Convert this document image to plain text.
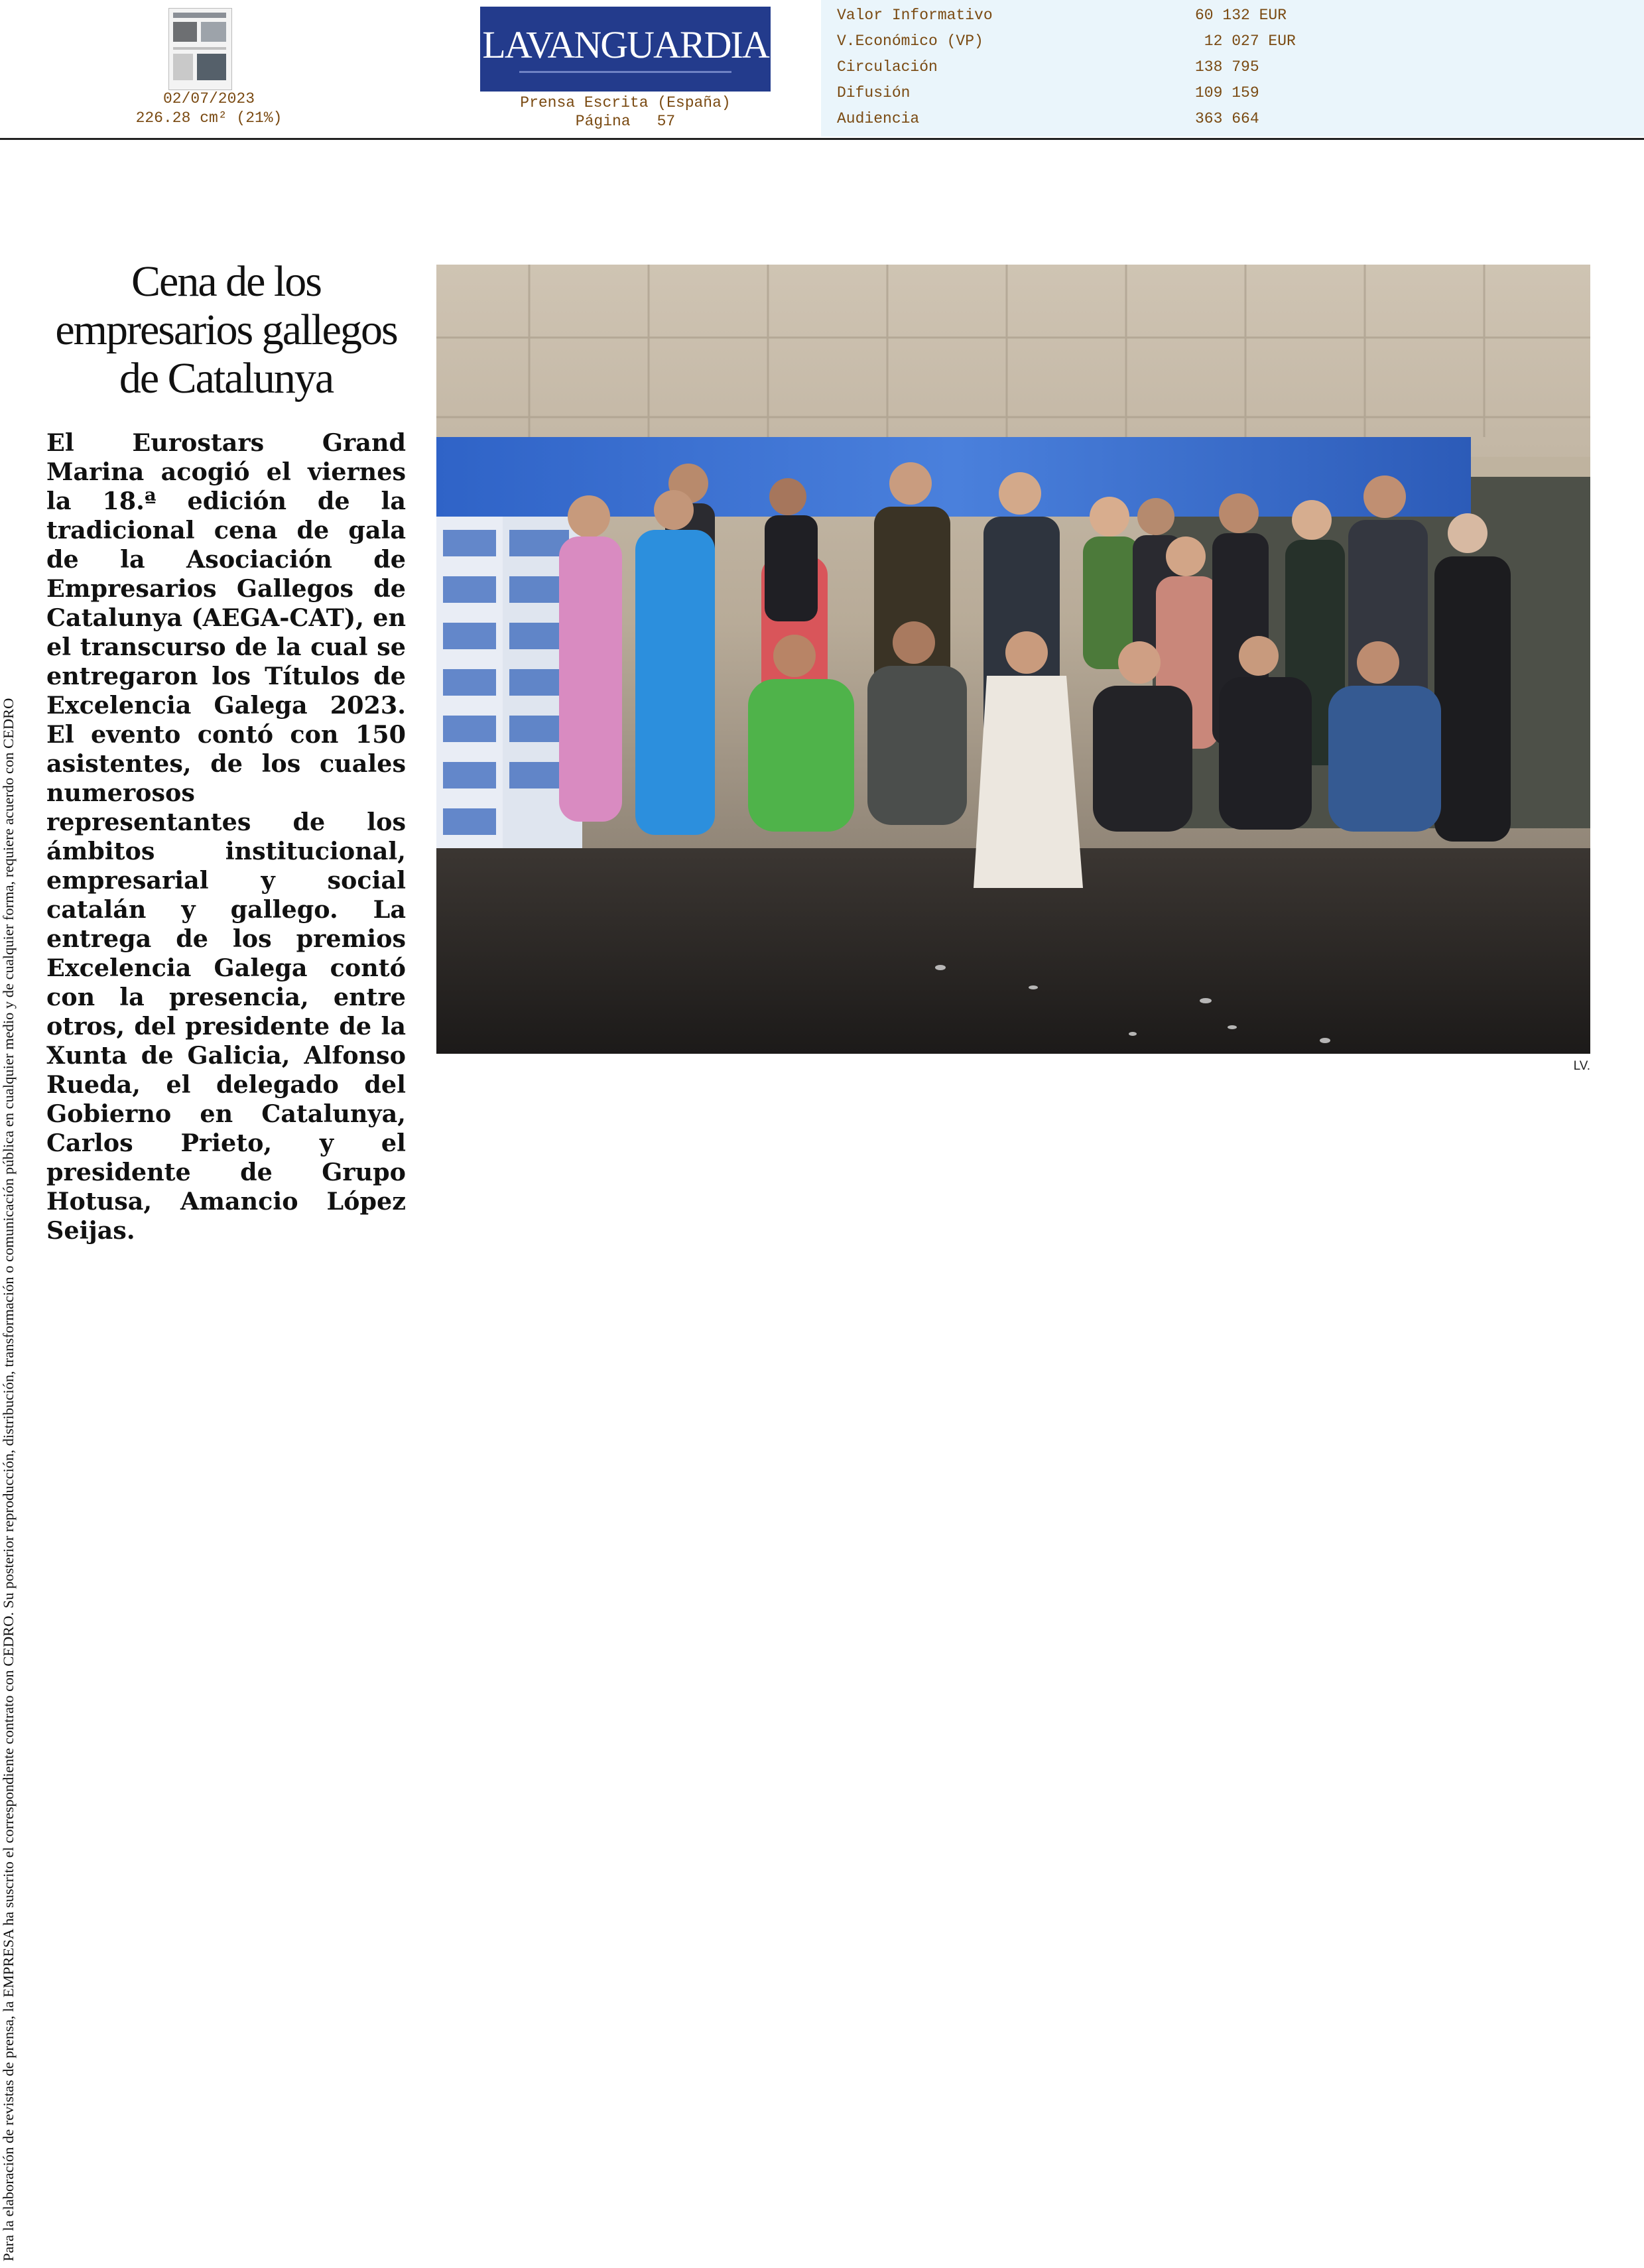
02/07/2023
226.28 cm² (21%)
LAVANGUARDIA
Prensa Escrita (España)
Página 57
Valor Informativo	60 132 EUR
V.Económico (VP)	12 027 EUR
Circulación	138 795
Difusión	109 159
Audiencia	363 664
Para la elaboración de revistas de prensa, la EMPRESA ha suscrito el correspondiente contrato con CEDRO. Su posterior reproducción, distribución, transformación o comunicación pública en cualquier medio y de cualquier forma, requiere acuerdo con CEDRO
Cena de los
empresarios gallegos
de Catalunya

El Eurostars Grand Marina acogió el viernes la 18.ª edición de la tradicional cena de gala de la Asociación de Empresarios Gallegos de Catalunya (AEGA-CAT), en el transcurso de la cual se entregaron los Títulos de Excelencia Galega 2023. El evento contó con 150 asistentes, de los cuales numerosos representantes de los ámbitos institucional, empresarial y social catalán y gallego. La entrega de los premios Excelencia Galega contó con la presencia, entre otros, del presidente de la Xunta de Galicia, Alfonso Rueda, el delegado del Gobierno en Catalunya, Carlos Prieto, y el presidente de Grupo Hotusa, Amancio López Seijas.

LV.
